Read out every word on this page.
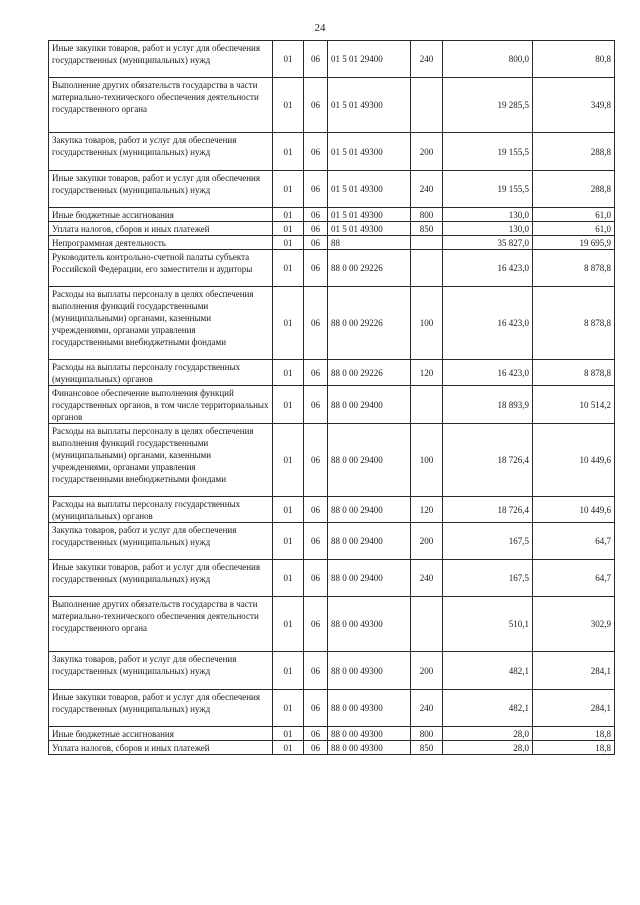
24
Иные закупки товаров, работ и услуг для обеспечения государственных (муниципальных) нужд	01	06	01 5 01 29400	240	800,0	80,8
Выполнение других обязательств государства в части материально-технического обеспечения деятельности государственного органа	01	06	01 5 01 49300		19 285,5	349,8
Закупка товаров, работ и услуг для обеспечения государственных (муниципальных) нужд	01	06	01 5 01 49300	200	19 155,5	288,8
Иные закупки товаров, работ и услуг для обеспечения государственных (муниципальных) нужд	01	06	01 5 01 49300	240	19 155,5	288,8
Иные бюджетные ассигнования	01	06	01 5 01 49300	800	130,0	61,0
Уплата налогов, сборов и иных платежей	01	06	01 5 01 49300	850	130,0	61,0
Непрограммная деятельность	01	06	88		35 827,0	19 695,9
Руководитель контрольно-счетной палаты субъекта Российской Федерации, его заместители и аудиторы	01	06	88 0 00 29226		16 423,0	8 878,8
Расходы на выплаты персоналу в целях обеспечения выполнения функций государственными (муниципальными) органами, казенными учреждениями, органами управления государственными внебюджетными фондами	01	06	88 0 00 29226	100	16 423,0	8 878,8
Расходы на выплаты персоналу государственных (муниципальных) органов	01	06	88 0 00 29226	120	16 423,0	8 878,8
Финансовое обеспечение выполнения функций государственных органов, в том числе территориальных органов	01	06	88 0 00 29400		18 893,9	10 514,2
Расходы на выплаты персоналу в целях обеспечения выполнения функций государственными (муниципальными) органами, казенными учреждениями, органами управления государственными внебюджетными фондами	01	06	88 0 00 29400	100	18 726,4	10 449,6
Расходы на выплаты персоналу государственных (муниципальных) органов	01	06	88 0 00 29400	120	18 726,4	10 449,6
Закупка товаров, работ и услуг для обеспечения государственных (муниципальных) нужд	01	06	88 0 00 29400	200	167,5	64,7
Иные закупки товаров, работ и услуг для обеспечения государственных (муниципальных) нужд	01	06	88 0 00 29400	240	167,5	64,7
Выполнение других обязательств государства в части материально-технического обеспечения деятельности государственного органа	01	06	88 0 00 49300		510,1	302,9
Закупка товаров, работ и услуг для обеспечения государственных (муниципальных) нужд	01	06	88 0 00 49300	200	482,1	284,1
Иные закупки товаров, работ и услуг для обеспечения государственных (муниципальных) нужд	01	06	88 0 00 49300	240	482,1	284,1
Иные бюджетные ассигнования	01	06	88 0 00 49300	800	28,0	18,8
Уплата налогов, сборов и иных платежей	01	06	88 0 00 49300	850	28,0	18,8
